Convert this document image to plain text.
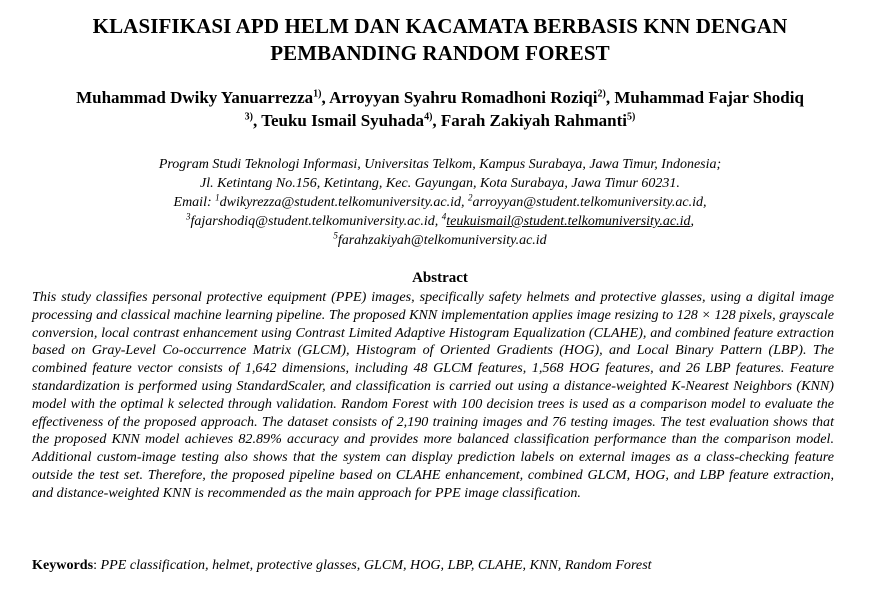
KLASIFIKASI APD HELM DAN KACAMATA BERBASIS KNN DENGAN
PEMBANDING RANDOM FOREST
Muhammad Dwiky Yanuarrezza$^{1)}$, Arroyyan Syahru Romadhoni Roziqi$^{2)}$, Muhammad Fajar Shodiq
$^{3)}$, Teuku Ismail Syuhada$^{4)}$, Farah Zakiyah Rahmanti$^{5)}$
Program Studi Teknologi Informasi, Universitas Telkom, Kampus Surabaya, Jawa Timur, Indonesia;
Jl. Ketintang No.156, Ketintang, Kec. Gayungan, Kota Surabaya, Jawa Timur 60231.
Email: $^1$dwikyrezza@student.telkomuniversity.ac.id, $^2$arroyyan@student.telkomuniversity.ac.id,
$^3$fajarshodiq@student.telkomuniversity.ac.id, $^4$teukuismail@student.telkomuniversity.ac.id,
$^5$farahzakiyah@telkomuniversity.ac.id
Abstract
This study classifies personal protective equipment (PPE) images, specifically safety helmets and protective glasses, using a digital image processing and classical machine learning pipeline. The proposed KNN implementation applies image resizing to 128 × 128 pixels, grayscale conversion, local contrast enhancement using Contrast Limited Adaptive Histogram Equalization (CLAHE), and combined feature extraction based on Gray-Level Co-occurrence Matrix (GLCM), Histogram of Oriented Gradients (HOG), and Local Binary Pattern (LBP). The combined feature vector consists of 1,642 dimensions, including 48 GLCM features, 1,568 HOG features, and 26 LBP features. Feature standardization is performed using StandardScaler, and classification is carried out using a distance-weighted K-Nearest Neighbors (KNN) model with the optimal k selected through validation. Random Forest with 100 decision trees is used as a comparison model to evaluate the effectiveness of the proposed approach. The dataset consists of 2,190 training images and 76 testing images. The test evaluation shows that the proposed KNN model achieves 82.89% accuracy and provides more balanced classification performance than the comparison model. Additional custom-image testing also shows that the system can display prediction labels on external images as a class-checking feature outside the test set. Therefore, the proposed pipeline based on CLAHE enhancement, combined GLCM, HOG, and LBP feature extraction, and distance-weighted KNN is recommended as the main approach for PPE image classification.
Keywords: PPE classification, helmet, protective glasses, GLCM, HOG, LBP, CLAHE, KNN, Random Forest
